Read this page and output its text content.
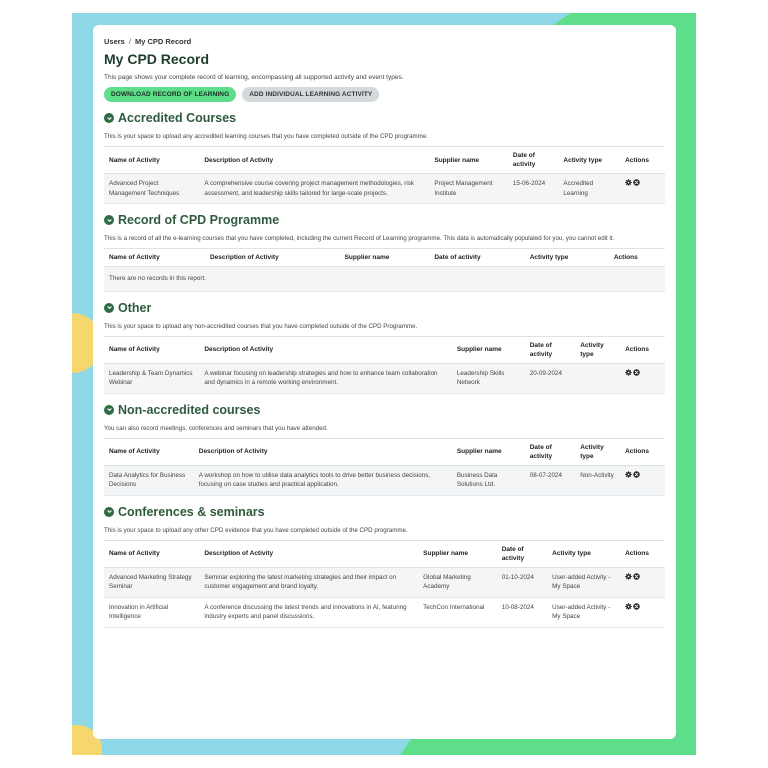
Users / My CPD Record
My CPD Record

This page shows your complete record of learning, encompassing all supported activity and event types.

DOWNLOAD RECORD OF LEARNING	ADD INDIVIDUAL LEARNING ACTIVITY
Accredited Courses

This is your space to upload any accredited learning courses that you have completed outside of the CPD programme.

Name of Activity	Description of Activity	Supplier name	Date of activity	Activity type	Actions
Advanced Project Management Techniques	A comprehensive course covering project management methodologies, risk assessment, and leadership skills tailored for large-scale projects.	Project Management Institute	15-06-2024	Accredited Learning	
Record of CPD Programme

This is a record of all the e-learning courses that you have completed, including the current Record of Learning programme. This data is automatically populated for you, you cannot edit it.

Name of Activity	Description of Activity	Supplier name	Date of activity	Activity type	Actions
There are no records in this report.
Other

This is your space to upload any non-accredited courses that you have completed outside of the CPD Programme.

Name of Activity	Description of Activity	Supplier name	Date of activity	Activity type	Actions
Leadership & Team Dynamics Webinar	A webinar focusing on leadership strategies and how to enhance team collaboration and dynamics in a remote working environment.	Leadership Skills Network	20-09-2024		
Non-accredited courses

You can also record meetings, conferences and seminars that you have attended.

Name of Activity	Description of Activity	Supplier name	Date of activity	Activity type	Actions
Data Analytics for Business Decisions	A workshop on how to utilise data analytics tools to drive better business decisions, focusing on case studies and practical application.	Business Data Solutions Ltd.	08-07-2024	Non-Activity	
Conferences & seminars

This is your space to upload any other CPD evidence that you have completed outside of the CPD programme.

Name of Activity	Description of Activity	Supplier name	Date of activity	Activity type	Actions
Advanced Marketing Strategy Seminar	Seminar exploring the latest marketing strategies and their impact on customer engagement and brand loyalty.	Global Marketing Academy	01-10-2024	User-added Activity - My Space	

Innovation in Artificial Intelligence	A conference discussing the latest trends and innovations in AI, featuring industry experts and panel discussions.	TechCon International	10-08-2024	User-added Activity - My Space	
